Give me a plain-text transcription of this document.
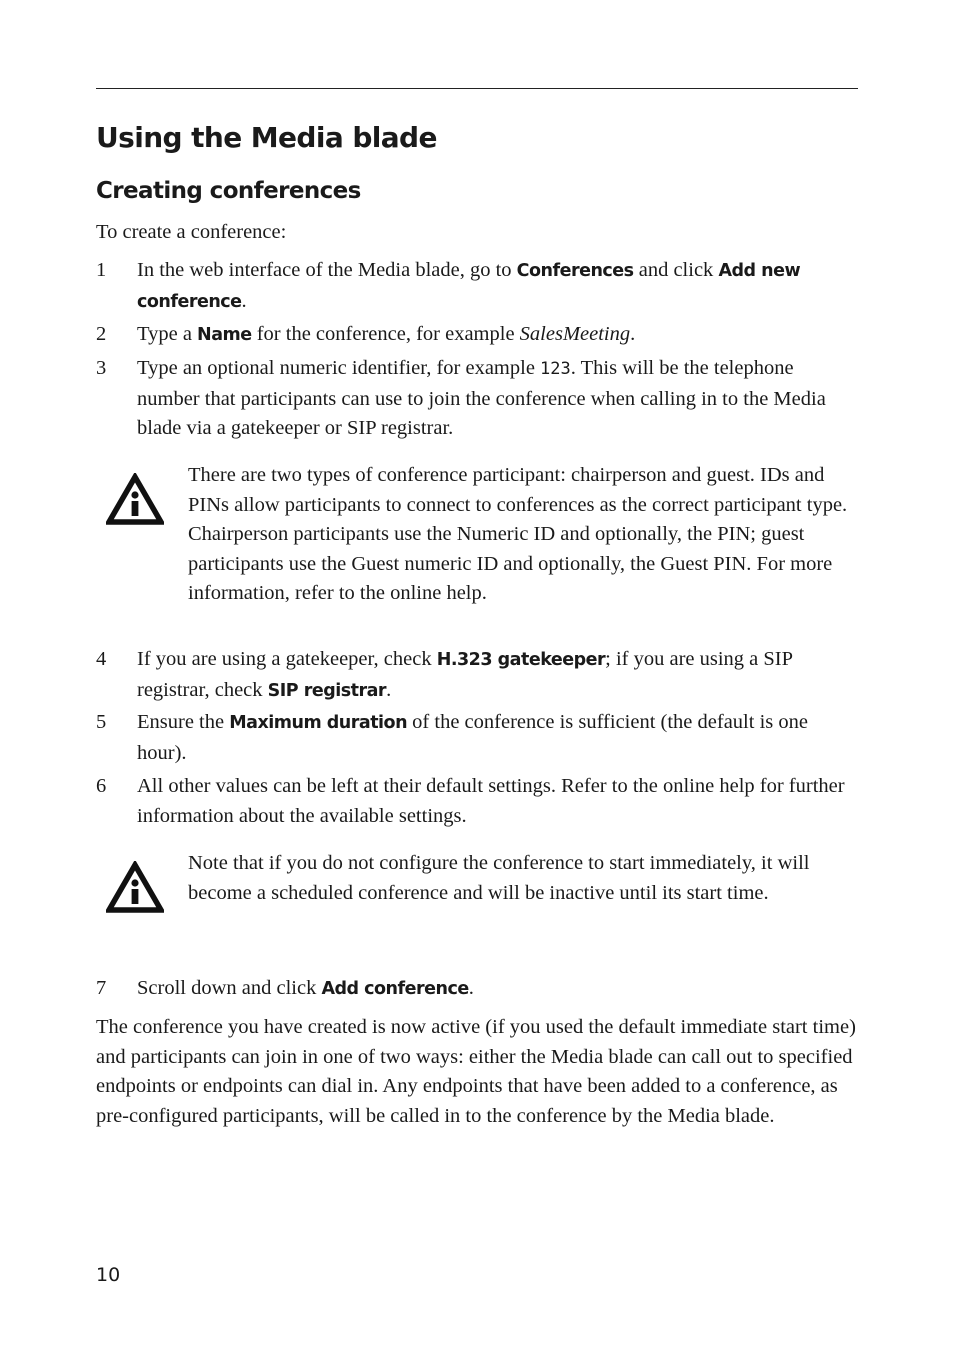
Using the Media blade
Creating conferences

To create a conference:

1	In the web interface of the Media blade, go to Conferences and click Add new conference.
2	Type a Name for the conference, for example SalesMeeting.
3	Type an optional numeric identifier, for example 123. This will be the telephone number that participants can use to join the conference when calling in to the Media blade via a gatekeeper or SIP registrar.
There are two types of conference participant: chairperson and guest. IDs and PINs allow participants to connect to conferences as the correct participant type. Chairperson participants use the Numeric ID and optionally, the PIN; guest participants use the Guest numeric ID and optionally, the Guest PIN. For more information, refer to the online help.
4	If you are using a gatekeeper, check H.323 gatekeeper; if you are using a SIP registrar, check SIP registrar.
5	Ensure the Maximum duration of the conference is sufficient (the default is one hour).
6	All other values can be left at their default settings. Refer to the online help for further information about the available settings.
Note that if you do not configure the conference to start immediately, it will become a scheduled conference and will be inactive until its start time.
7	Scroll down and click Add conference.

The conference you have created is now active (if you used the default immediate start time) and participants can join in one of two ways: either the Media blade can call out to specified endpoints or endpoints can dial in. Any endpoints that have been added to a conference, as pre-configured participants, will be called in to the conference by the Media blade.

10
